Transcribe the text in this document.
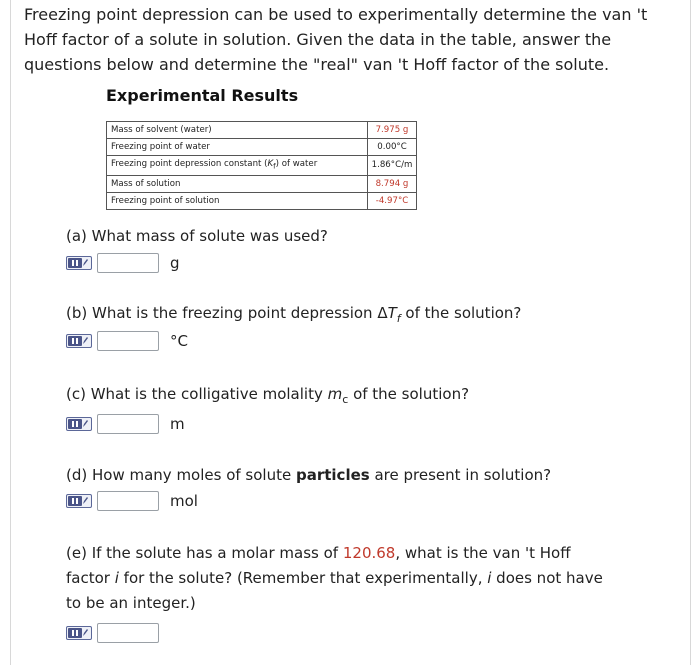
Freezing point depression can be used to experimentally determine the van 't Hoff factor of a solute in solution. Given the data in the table, answer the questions below and determine the "real" van 't Hoff factor of the solute.
Experimental Results
Mass of solvent (water)	7.975 g
Freezing point of water	0.00°C
Freezing point depression constant $(K_f)$ of water	1.86°C/m
Mass of solution	8.794 g
Freezing point of solution	-4.97°C
(a) What mass of solute was used?
g
(b) What is the freezing point depression $\Delta T_f$ of the solution?
°C
(c) What is the colligative molality $m_c$ of the solution?
m
(d) How many moles of solute particles are present in solution?
mol
(e) If the solute has a molar mass of 120.68, what is the van 't Hoff
factor i for the solute? (Remember that experimentally, i does not have
to be an integer.)
